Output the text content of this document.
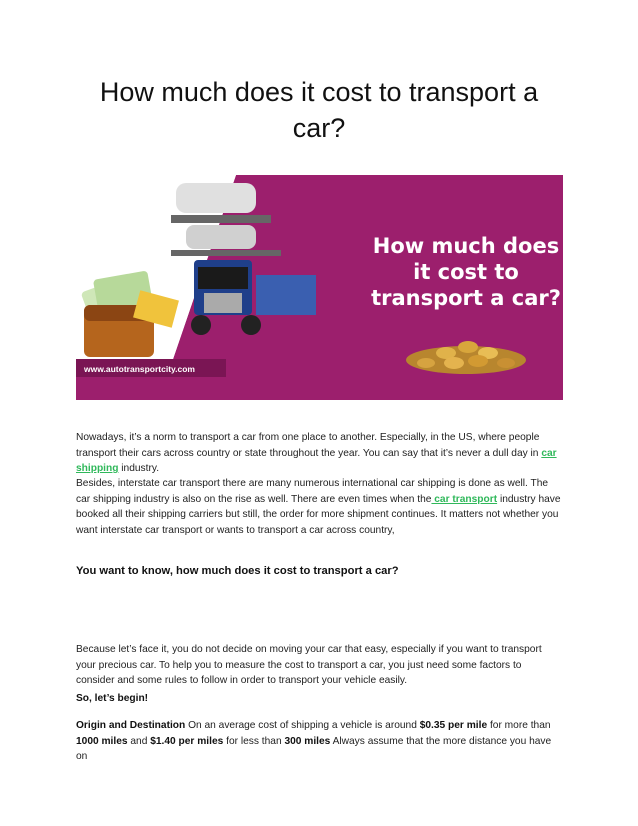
How much does it cost to transport a car?
www.autotransportcity.com
How much does
it cost to
transport a car?

Nowadays, it’s a norm to transport a car from one place to another. Especially, in the US, where people transport their cars across country or state throughout the year. You can say that it’s never a dull day in car shipping industry.

Besides, interstate car transport there are many numerous international car shipping is done as well. The car shipping industry is also on the rise as well. There are even times when the car transport industry have booked all their shipping carriers but still, the order for more shipment continues. It matters not whether you want interstate car transport or wants to transport a car across country,

You want to know, how much does it cost to transport a car?

Because let’s face it, you do not decide on moving your car that easy, especially if you want to transport your precious car. To help you to measure the cost to transport a car, you just need some factors to consider and some rules to follow in order to transport your vehicle easily.

So, let’s begin!

Origin and Destination On an average cost of shipping a vehicle is around $0.35 per mile for more than 1000 miles and $1.40 per miles for less than 300 miles Always assume that the more distance you have on
